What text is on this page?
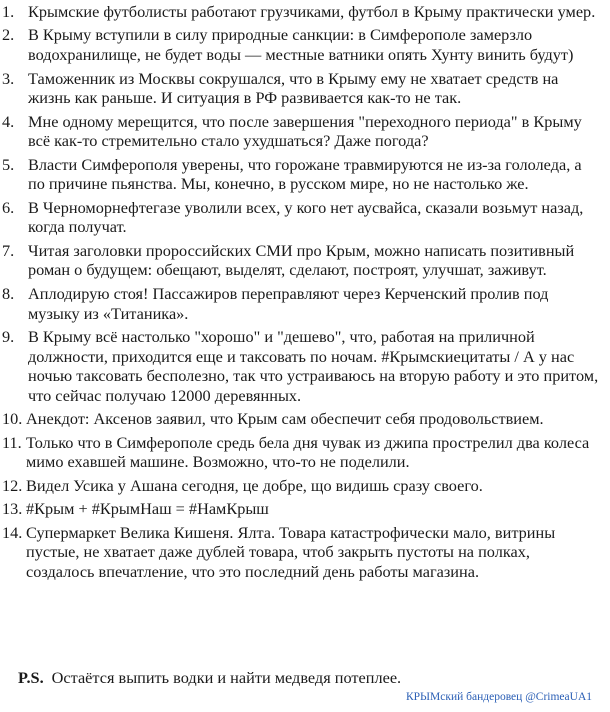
1. Крымские футболисты работают грузчиками, футбол в Крыму практически умер.
2. В Крыму вступили в силу природные санкции: в Симферополе замерзло водохранилище, не будет воды — местные ватники опять Хунту винить будут)
3. Таможенник из Москвы сокрушался, что в Крыму ему не хватает средств на жизнь как раньше. И ситуация в РФ развивается как-то не так.
4. Мне одному мерещится, что после завершения "переходного периода" в Крыму всё как-то стремительно стало ухудшаться? Даже погода?
5. Власти Симферополя уверены, что горожане травмируются не из-за гололеда, а по причине пьянства. Мы, конечно, в русском мире, но не настолько же.
6. В Черноморнефтегазе уволили всех, у кого нет аусвайса, сказали возьмут назад, когда получат.
7. Читая заголовки пророссийских СМИ про Крым, можно написать позитивный роман о будущем: обещают, выделят, сделают, построят, улучшат, заживут.
8. Аплодирую стоя! Пассажиров переправляют через Керченский пролив под музыку из «Титаника».
9. В Крыму всё настолько "хорошо" и "дешево", что, работая на приличной должности, приходится еще и таксовать по ночам. #Крымскиецитаты / А у нас ночью таксовать бесполезно, так что устраиваюсь на вторую работу и это притом, что сейчас получаю 12000 деревянных.
10. Анекдот: Аксенов заявил, что Крым сам обеспечит себя продовольствием.
11. Только что в Симферополе средь бела дня чувак из джипа прострелил два колеса мимо ехавшей машине. Возможно, что-то не поделили.
12. Видел Усика у Ашана сегодня, це добре, що видишь сразу своего.
13. #Крым + #КрымНаш = #НамКрыш
14. Супермаркет Велика Кишеня. Ялта. Товара катастрофически мало, витрины пустые, не хватает даже дублей товара, чтоб закрыть пустоты на полках, создалось впечатление, что это последний день работы магазина.
P.S. Остаётся выпить водки и найти медведя потеплее.
КРЫМский бандеровец @CrimeaUA1
